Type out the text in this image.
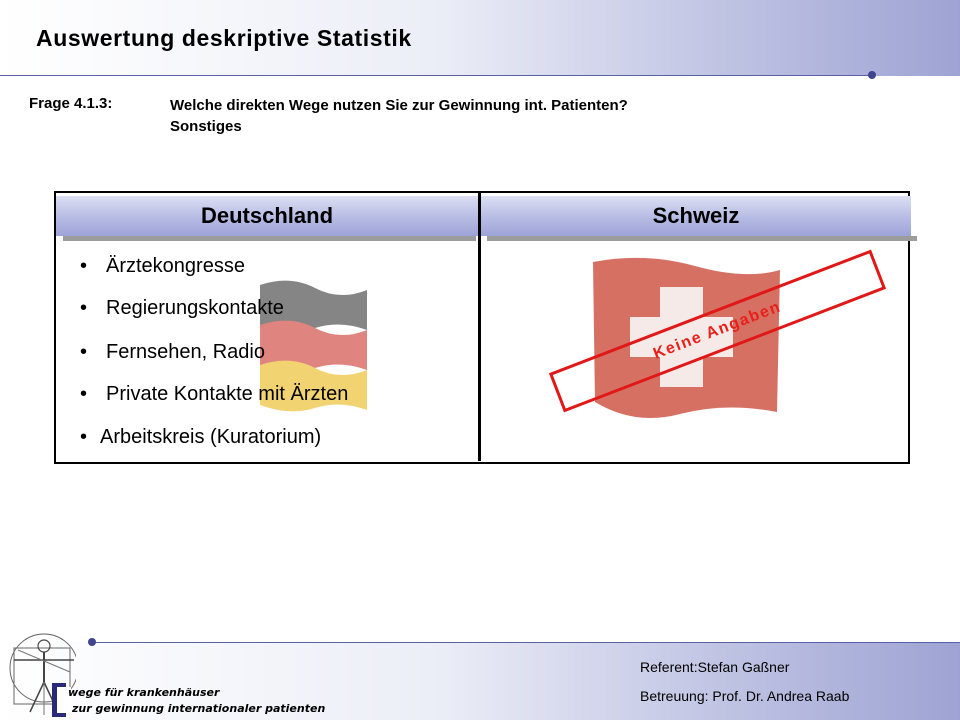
Auswertung deskriptive Statistik
Frage 4.1.3:	Welche direkten Wege nutzen Sie zur Gewinnung int. Patienten?
Sonstiges
Deutschland	Schweiz
• Ärztekongresse
• Regierungskontakte
• Fernsehen, Radio
• Private Kontakte mit Ärzten
• Arbeitskreis (Kuratorium)
Keine Angaben
wege für krankenhäuser
zur gewinnung internationaler patienten
Referent:Stefan Gaßner
Betreuung: Prof. Dr. Andrea Raab
